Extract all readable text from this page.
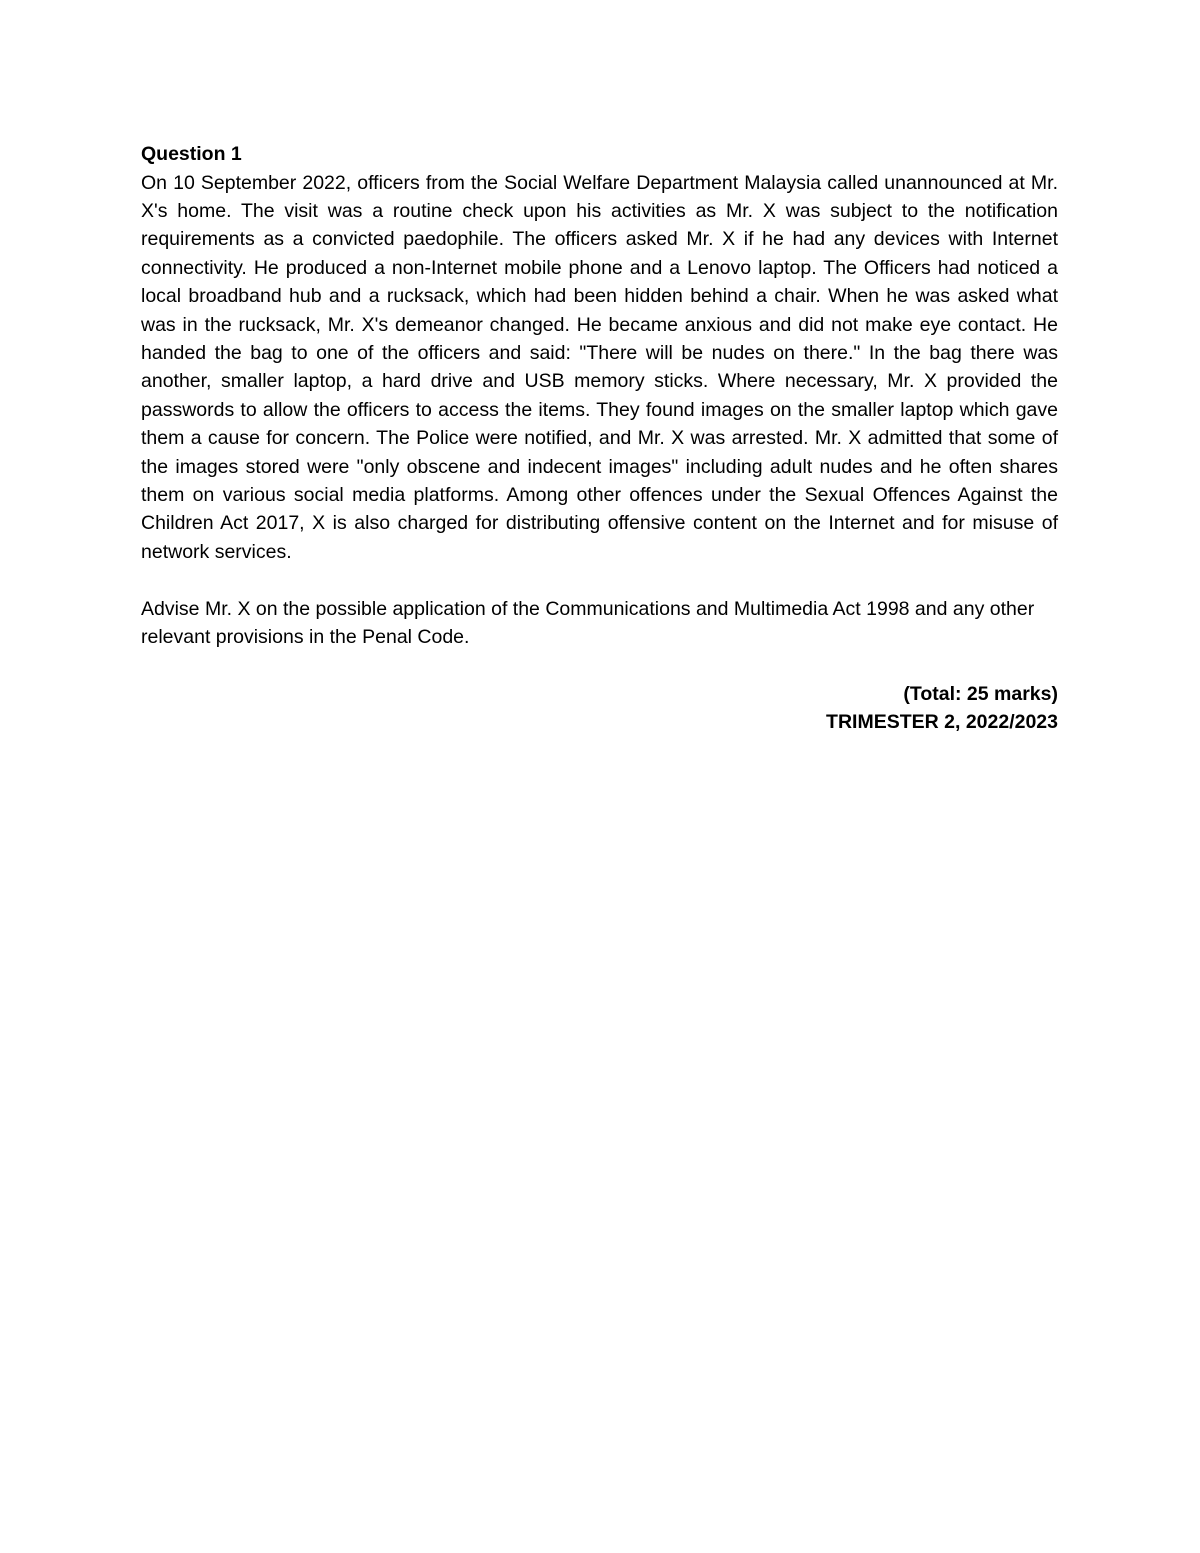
Question 1

On 10 September 2022, officers from the Social Welfare Department Malaysia called unannounced at Mr. X's home. The visit was a routine check upon his activities as Mr. X was subject to the notification requirements as a convicted paedophile. The officers asked Mr. X if he had any devices with Internet connectivity. He produced a non-Internet mobile phone and a Lenovo laptop. The Officers had noticed a local broadband hub and a rucksack, which had been hidden behind a chair. When he was asked what was in the rucksack, Mr. X's demeanor changed. He became anxious and did not make eye contact. He handed the bag to one of the officers and said: "There will be nudes on there." In the bag there was another, smaller laptop, a hard drive and USB memory sticks. Where necessary, Mr. X provided the passwords to allow the officers to access the items. They found images on the smaller laptop which gave them a cause for concern. The Police were notified, and Mr. X was arrested. Mr. X admitted that some of the images stored were "only obscene and indecent images" including adult nudes and he often shares them on various social media platforms. Among other offences under the Sexual Offences Against the Children Act 2017, X is also charged for distributing offensive content on the Internet and for misuse of network services.

Advise Mr. X on the possible application of the Communications and Multimedia Act 1998 and any other relevant provisions in the Penal Code.

(Total: 25 marks)

TRIMESTER 2, 2022/2023
